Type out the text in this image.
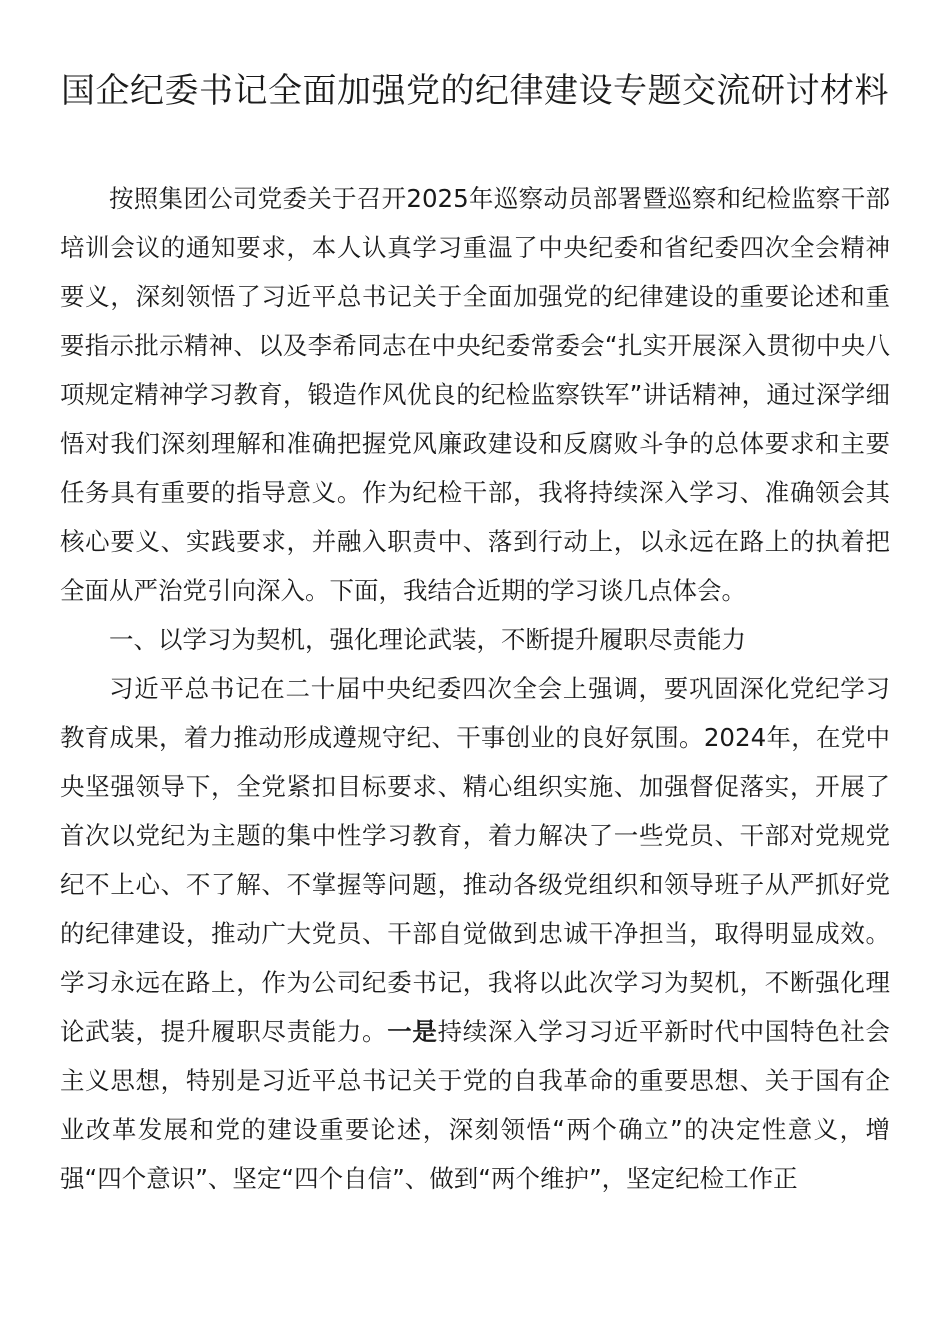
国企纪委书记全面加强党的纪律建设专题交流研讨材料

按照集团公司党委关于召开2025年巡察动员部署暨巡察和纪检监察干部培训会议的通知要求，本人认真学习重温了中央纪委和省纪委四次全会精神要义，深刻领悟了习近平总书记关于全面加强党的纪律建设的重要论述和重要指示批示精神、以及李希同志在中央纪委常委会“扎实开展深入贯彻中央八项规定精神学习教育，锻造作风优良的纪检监察铁军”讲话精神，通过深学细悟对我们深刻理解和准确把握党风廉政建设和反腐败斗争的总体要求和主要任务具有重要的指导意义。作为纪检干部，我将持续深入学习、准确领会其核心要义、实践要求，并融入职责中、落到行动上，以永远在路上的执着把全面从严治党引向深入。下面，我结合近期的学习谈几点体会。

一、以学习为契机，强化理论武装，不断提升履职尽责能力

习近平总书记在二十届中央纪委四次全会上强调，要巩固深化党纪学习教育成果，着力推动形成遵规守纪、干事创业的良好氛围。2024年，在党中央坚强领导下，全党紧扣目标要求、精心组织实施、加强督促落实，开展了首次以党纪为主题的集中性学习教育，着力解决了一些党员、干部对党规党纪不上心、不了解、不掌握等问题，推动各级党组织和领导班子从严抓好党的纪律建设，推动广大党员、干部自觉做到忠诚干净担当，取得明显成效。学习永远在路上，作为公司纪委书记，我将以此次学习为契机，不断强化理论武装，提升履职尽责能力。一是持续深入学习习近平新时代中国特色社会主义思想，特别是习近平总书记关于党的自我革命的重要思想、关于国有企业改革发展和党的建设重要论述，深刻领悟“两个确立”的决定性意义，增强“四个意识”、坚定“四个自信”、做到“两个维护”，坚定纪检工作正
